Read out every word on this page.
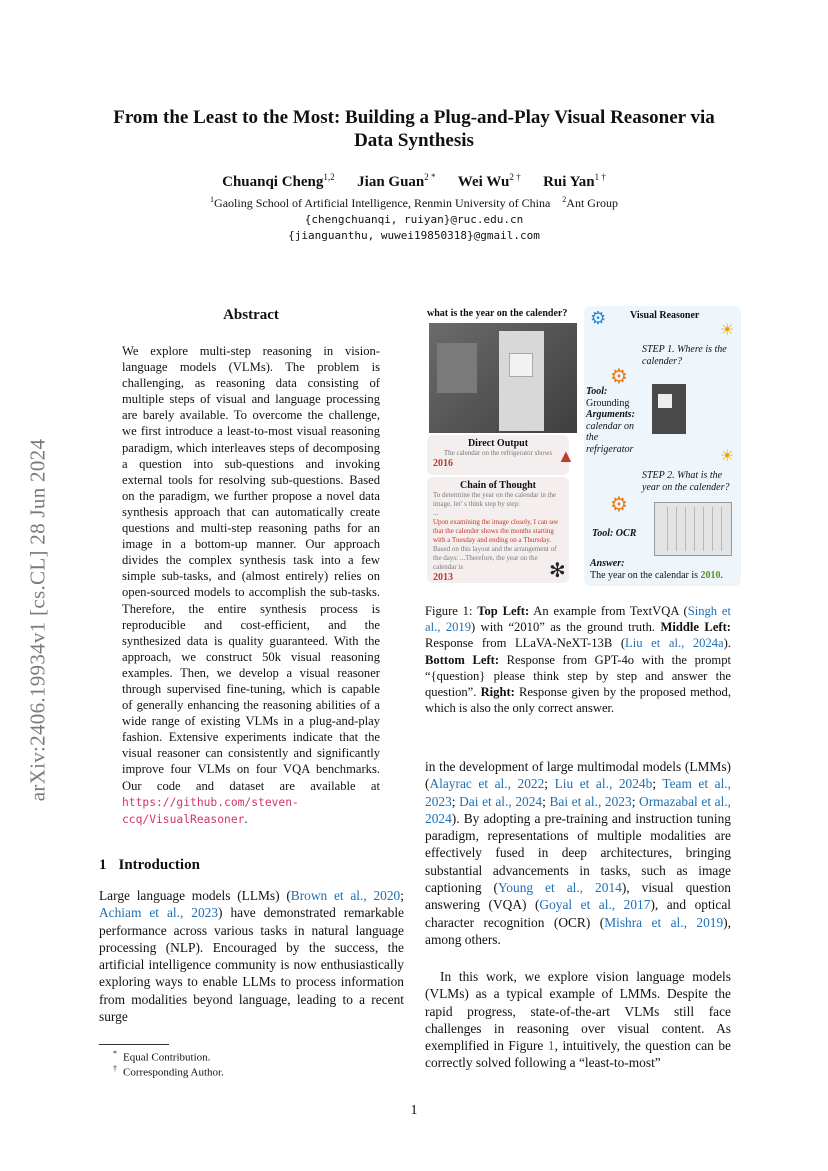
arXiv:2406.19934v1 [cs.CL] 28 Jun 2024
From the Least to the Most: Building a Plug-and-Play Visual Reasoner via
Data Synthesis
Chuanqi Cheng$^{1,2}$ Jian Guan$^{2 *}$ Wei $Wu^{2 \dagger}$ Rui Yan$^{1 \dagger}$
$^1$Gaoling School of Artificial Intelligence, Renmin University of China $^2$Ant Group
{chengchuanqi, ruiyan}@ruc.edu.cn
{jianguanthu, wuwei19850318}@gmail.com
Abstract
We explore multi-step reasoning in vision-language models (VLMs). The problem is challenging, as reasoning data consisting of multiple steps of visual and language processing are barely available. To overcome the challenge, we first introduce a least-to-most visual reasoning paradigm, which interleaves steps of decomposing a question into sub-questions and invoking external tools for resolving sub-questions. Based on the paradigm, we further propose a novel data synthesis approach that can automatically create questions and multi-step reasoning paths for an image in a bottom-up manner. Our approach divides the complex synthesis task into a few simple sub-tasks, and (almost entirely) relies on open-sourced models to accomplish the sub-tasks. Therefore, the entire synthesis process is reproducible and cost-efficient, and the synthesized data is quality guaranteed. With the approach, we construct 50k visual reasoning examples. Then, we develop a visual reasoner through supervised fine-tuning, which is capable of generally enhancing the reasoning abilities of a wide range of existing VLMs in a plug-and-play fashion. Extensive experiments indicate that the visual reasoner can consistently and significantly improve four VLMs on four VQA benchmarks. Our code and dataset are available at https://github.com/steven-ccq/VisualReasoner.
what is the year on the calender?
Direct Output
The calendar on the refrigerator shows
2016
Chain of Thought
To determine the year on the calendar in the image, let’ s think step by step:
...
Upon examining the image closely, I can see that the calender shows the months starting with a Tuesday and ending on a Thursday.
Based on this layout and the arrangement of the days: ...Therefore, the year on the calendar is
2013
▲
✻
⚙ Visual Reasoner
☀
STEP 1. Where is the calender?
⚙
Tool:
Grounding
Arguments:
calendar on the refrigerator	☀
STEP 2. What is the year on the calender?
⚙
Tool: OCR
Answer:
The year on the calendar is 2010.
Figure 1: Top Left: An example from TextVQA (Singh et al., 2019) with “2010” as the ground truth. Middle Left: Response from LLaVA-NeXT-13B (Liu et al., 2024a). Bottom Left: Response from GPT-4o with the prompt “{question} please think step by step and answer the question”. Right: Response given by the proposed method, which is also the only correct answer.
1 Introduction
Large language models (LLMs) (Brown et al., 2020; Achiam et al., 2023) have demonstrated remarkable performance across various tasks in natural language processing (NLP). Encouraged by the success, the artificial intelligence community is now enthusiastically exploring ways to enable LLMs to process information from modalities beyond language, leading to a recent surge
in the development of large multimodal models (LMMs) (Alayrac et al., 2022; Liu et al., 2024b; Team et al., 2023; Dai et al., 2024; Bai et al., 2023; Ormazabal et al., 2024). By adopting a pre-training and instruction tuning paradigm, representations of multiple modalities are effectively fused in deep architectures, bringing substantial advancements in tasks, such as image captioning (Young et al., 2014), visual question answering (VQA) (Goyal et al., 2017), and optical character recognition (OCR) (Mishra et al., 2019), among others.
In this work, we explore vision language models (VLMs) as a typical example of LMMs. Despite the rapid progress, state-of-the-art VLMs still face challenges in reasoning over visual content. As exemplified in Figure 1, intuitively, the question can be correctly solved following a “least-to-most”
* Equal Contribution.
† Corresponding Author.
1
